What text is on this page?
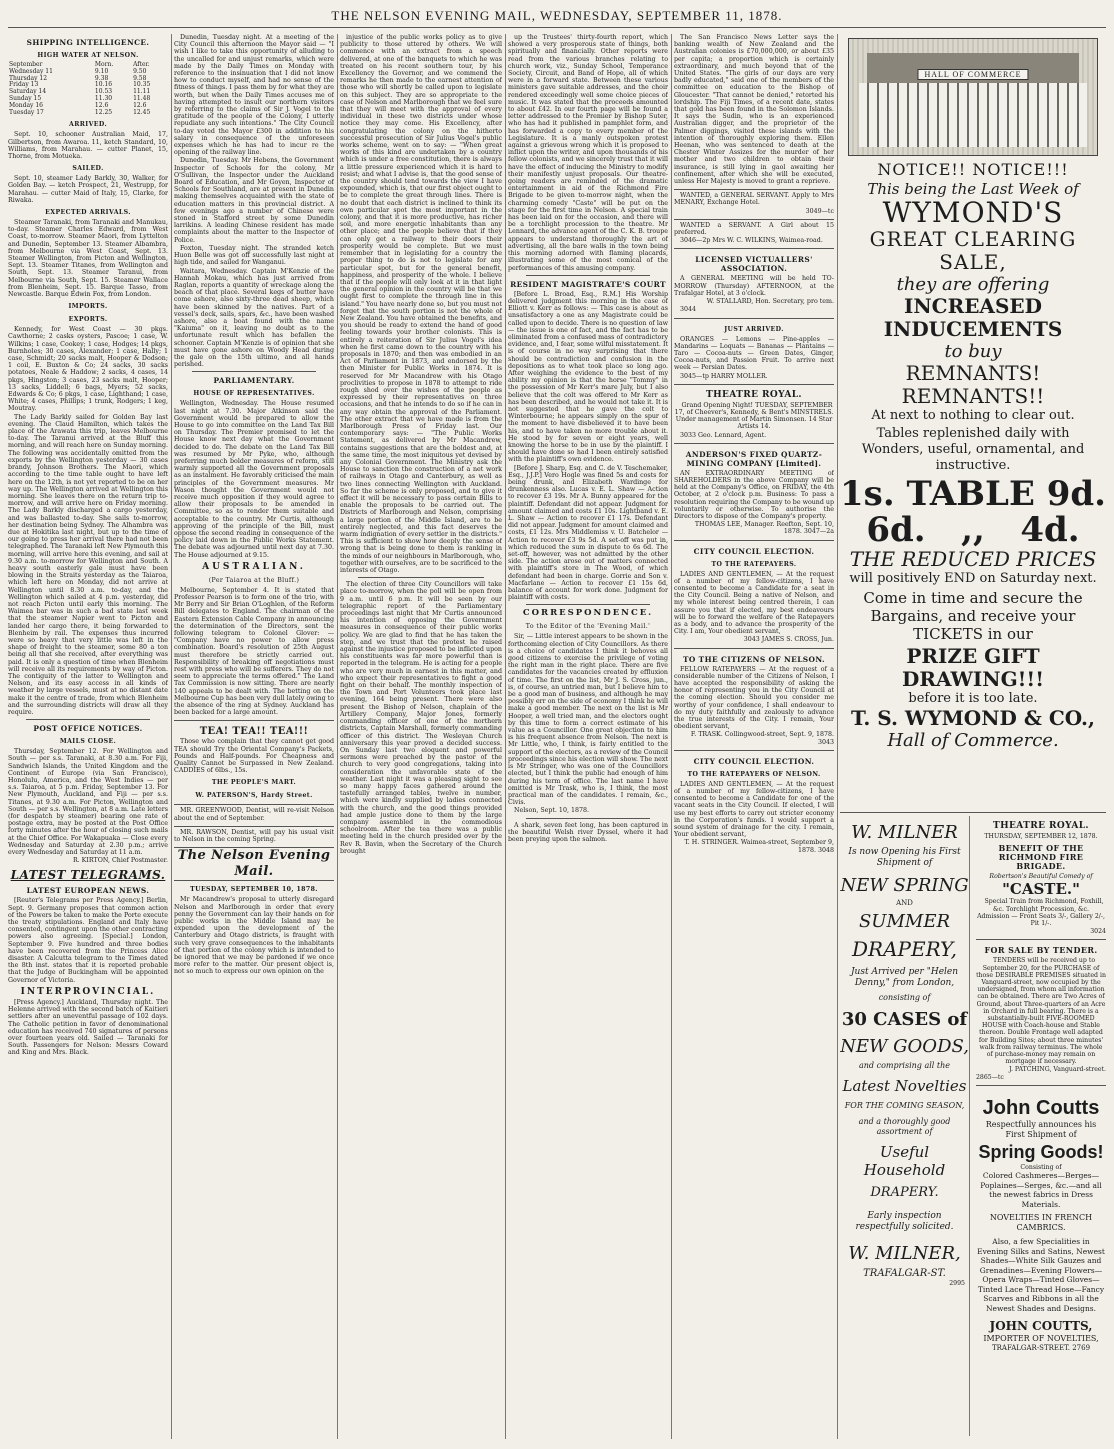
THE NELSON EVENING MAIL, WEDNESDAY, SEPTEMBER 11, 1878.
SHIPPING INTELLIGENCE.
HIGH WATER AT NELSON.
September	Morn.	After.
Wednesday 11	9.10	9.50
Thursday 12	9.38	9.58
Friday 13	10.16	10.35
Saturday 14	10.53	11.11
Sunday 15	11.30	11.48
Monday 16	12.6	12.6
Tuesday 17	12.25	12.45
ARRIVED.
Sept. 10, schooner Australian Maid, 17, Gilbertson, from Awaroa. 11, ketch Standard, 10, Williams, from Marahau. — cutter Planet, 15, Thorne, from Motueka.
SAILED.
Sept. 10, steamer Lady Barkly, 30, Walker, for Golden Bay. — ketch Prospect, 21, Westrupp, for Marahau. — cutter Maid of Italy, 15, Clarke, for Riwaka.
EXPECTED ARRIVALS.
Steamer Taranaki, from Taranaki and Manukau, to-day. Steamer Charles Edward, from West Coast, to-morrow. Steamer Maori, from Lyttelton and Dunedin, September 13. Steamer Albambra, from Melbourne via West Coast, Sept. 13. Steamer Wellington, from Picton and Wellington, Sept. 13. Steamer Titanes, from Wellington and South, Sept. 13. Steamer Taranui, from Melbourne via South, Sept. 15. Steamer Wallace from Blenheim, Sept. 15. Barque Tasso, from Newcastle. Barque Edwin Fox, from London.
IMPORTS.
EXPORTS.
Kennedy, for West Coast — 30 pkgs. Cawthorne; 2 casks oysters, Pascoe; 1 case, W. Wilkins; 1 case, Cookey; 1 case, Hodges; 14 pkgs, Burnholes; 30 cases, Alexander; 1 case, Hally; 1 case, Schmidt; 20 sacks malt, Hooper & Dodson; 1 coil, E. Buxton & Co; 24 sacks, 30 sacks potatoes, Neale & Haddow; 2 sacks, 4 cases, 14 pkgs, Hingston; 3 cases, 23 sacks malt, Hooper; 13 sacks, Liddell; 6 bags, Myers; 52 sacks, Edwards & Co; 6 pkgs, 1 case, Lighthand; 1 case, White; 4 cases, Phillips; 1 trunk, Rodgers; 1 keg, Moutray.
The Lady Barkly sailed for Golden Bay last evening. The Claud Hamilton, which takes the place of the Arawata this trip, leaves Melbourne to-day. The Taranui arrived at the Bluff this morning, and will reach here on Sunday morning. The following was accidentally omitted from the exports by the Wellington yesterday — 30 cases brandy, Johnson Brothers. The Maori, which according to the time table ought to have left here on the 12th, is not yet reported to be on her way up. The Wellington arrived at Wellington this morning. She leaves there on the return trip to-morrow, and will arrive here on Friday morning. The Lady Barkly discharged a cargo yesterday, and was ballasted to-day. She sails to-morrow, her destination being Sydney. The Alhambra was due at Hokitika last night, but up to the time of our going to press her arrival there had not been telegraphed. The Taranaki left New Plymouth this morning, will arrive here this evening, and sail at 9.30 a.m. to-morrow for Wellington and South. A heavy south easterly gale must have been blowing in the Straits yesterday as the Taiaroa, which left here on Monday, did not arrive at Wellington until 8.30 a.m. to-day, and the Wellington which sailed at 4 p.m. yesterday, did not reach Picton until early this morning. The Waimea bar was in such a bad state last week that the steamer Napier went to Picton and landed her cargo there, it being forwarded to Blenheim by rail. The expenses thus incurred were so heavy that very little was left in the shape of freight to the steamer, some 80 a ton being all that she received, after everything was paid. It is only a question of time when Blenheim will receive all its requirements by way of Picton. The contiguity of the latter to Wellington and Nelson, and its easy access in all kinds of weather by large vessels, must at no distant date make it the centre of trade, from which Blenheim and the surrounding districts will draw all they require.
POST OFFICE NOTICES.
MAILS CLOSE.
Thursday, September 12. For Wellington and South — per s.s. Taranaki, at 8.30 a.m. For Fiji, Sandwich Islands, the United Kingdom and the Continent of Europe (via San Francisco), Honolulu, America, and the West Indies — per s.s. Taiaroa, at 5 p.m. Friday, September 13. For New Plymouth, Auckland, and Fiji — per s.s. Titanes, at 9.30 a.m. For Picton, Wellington and South — per s.s. Wellington, at 8 a.m. Late letters (for despatch by steamer) bearing one rate of postage extra, may be posted at the Post Office forty minutes after the hour of closing such mails at the Chief Office. For Wakapuaka — Close every Wednesday and Saturday at 2.30 p.m.; arrive every Wednesday and Saturday at 11 a.m.
R. KIRTON, Chief Postmaster.
LATEST TELEGRAMS.
LATEST EUROPEAN NEWS.
[Reuter's Telegrams per Press Agency.] Berlin, Sept. 9. Germany proposes that common action of the Powers be taken to make the Porte execute the treaty stipulations. England and Italy have consented, contingent upon the other contracting powers also agreeing. [Special.] London, September 9. Five hundred and three bodies have been recovered from the Princess Alice disaster. A Calcutta telegram to the Times dated the 8th inst. states that it is reported probable that the Judge of Buckingham will be appointed Governor of Victoria.
INTERPROVINCIAL.
[Press Agency.] Auckland, Thursday night. The Helenne arrived with the second batch of Kaitieri settlers after an uneventful passage of 102 days. The Catholic petition in favor of denominational education has received 740 signatures of persons over fourteen years old. Sailed — Taranaki for South. Passengers for Nelson: Messrs Coward and King and Mrs. Black.
Dunedin, Tuesday night. At a meeting of the City Council this afternoon the Mayor said — "I wish I like to take this opportunity of alluding to the uncalled for and unjust remarks, which were made by the Daily Times on Monday with reference to the insinuation that I did not know how to conduct myself, and had no sense of the fitness of things. I pass them by for what they are worth, but when the Daily Times accuses me of having attempted to insult our northern visitors by referring to the claims of Sir J. Vogel to the gratitude of the people of the Colony, I utterly repudiate any such intentions." The City Council to-day voted the Mayor £300 in addition to his salary in consequence of the unforeseen expenses which he has had to incur re the opening of the railway line.
Dunedin, Tuesday. Mr Hebens, the Government Inspector of Schools for the colony, Mr O'Sullivan, the Inspector under the Auckland Board of Education, and Mr Goyen, Inspector of Schools for Southland, are at present in Dunedin making themselves acquainted with the state of education matters in this provincial district. A few evenings ago a number of Chinese were stoned in Stafford street by some Dunedin larrikins. A leading Chinese resident has made complaints about the matter to the Inspector of Police.
Foxton, Tuesday night. The stranded ketch Huon Belle was got off successfully last night at high tide, and sailed for Wanganui.
Waitara, Wednesday. Captain M'Kenzie of the Hannah Mokau, which has just arrived from Raglan, reports a quantity of wreckage along the beach of that place. Several kegs of butter have come ashore, also sixty-three dead sheep, which have been skinned by the natives. Part of a vessel's deck, sails, spars, &c., have been washed ashore, also a boat found with the name "Kaiuma" on it, leaving no doubt as to the unfortunate result which has befallen the schooner. Captain M'Kenzie is of opinion that she must have gone ashore on Woody Head during the gale on the 15th ultimo, and all hands perished.
PARLIAMENTARY.
HOUSE OF REPRESENTATIVES.
Wellington, Wednesday. The House resumed last night at 7.30. Major Atkinson said the Government would be prepared to allow the House to go into committee on the Land Tax Bill on Thursday. The Premier promised to let the House know next day what the Government decided to do. The debate on the Land Tax Bill was resumed by Mr Pyke, who, although preferring much bolder measures of reform, still warmly supported all the Government proposals as an instalment. He favorably criticised the main principles of the Government measures. Mr Wason thought the Government would not receive much opposition if they would agree to allow their proposals to be amended in Committee, so as to render them suitable and acceptable to the country. Mr Curtis, although approving of the principle of the Bill, must oppose the second reading in consequence of the policy laid down in the Public Works Statement. The debate was adjourned until next day at 7.30. The House adjourned at 9.15.
AUSTRALIAN.
(Per Taiaroa at the Bluff.)
Melbourne, September 4. It is stated that Professor Pearson is to form one of the trio, with Mr Berry and Sir Brian O'Loghlen, of the Reform Bill delegates to England. The chairman of the Eastern Extension Cable Company in announcing the determination of the Directors, sent the following telegram to Colonel Glover: — "Company have no power to allow press combination. Board's resolution of 25th August must therefore be strictly carried out. Responsibility of breaking off negotiations must rest with press who will be sufferers. They do not seem to appreciate the terms offered." The Land Tax Commission is now sitting. There are nearly 140 appeals to be dealt with. The betting on the Melbourne Cup has been very dull lately owing to the absence of the ring at Sydney. Auckland has been backed for a large amount.
TEA! TEA!! TEA!!!
Those who complain that they cannot get good TEA should Try the Oriental Company's Packets, Pounds and Half-pounds. For Cheapness and Quality Cannot be Surpassed in New Zealand. CADDIES of 6lbs., 15s.
THE PEOPLE'S MART.
W. PATERSON'S, Hardy Street.
MR. GREENWOOD, Dentist, will re-visit Nelson about the end of September.
MR. RAWSON, Dentist, will pay his usual visit to Nelson in the coming Spring.
The Nelson Evening Mail.
TUESDAY, SEPTEMBER 10, 1878.
Mr Macandrew's proposal to utterly disregard Nelson and Marlborough in order that every penny the Government can lay their hands on for public works in the Middle Island may be expended upon the development of the Canterbury and Otago districts, is fraught with such very grave consequences to the inhabitants of that portion of the colony which is intended to be ignored that we may be pardoned if we once more refer to the matter. Our present object is, not so much to express our own opinion on the
injustice of the public works policy as to give publicity to those uttered by others. We will commence with an extract from a speech delivered, at one of the banquets to which he was treated on his recent southern tour, by his Excellency the Governor, and we commend the remarks he then made to the earnest attention of those who will shortly be called upon to legislate on this subject. They are so appropriate to the case of Nelson and Marlborough that we feel sure that they will meet with the approval of every individual in these two districts under whose notice they may come. His Excellency, after congratulating the colony on the hitherto successful prosecution of Sir Julius Vogel's public works scheme, went on to say: — "When great works of this kind are undertaken by a country which is under a free constitution, there is always a little pressure experienced which it is hard to resist; and what I advise is, that the good sense of the country should tend towards the view I have expounded, which is, that our first object ought to be to complete the great through lines. There is no doubt that each district is inclined to think its own particular spot the most important in the colony, and that it is more productive, has richer soil, and more energetic inhabitants than any other place; and the people believe that if they can only get a railway to their doors their prosperity would be complete. But we must remember that in legislating for a country the proper thing to do is not to legislate for any particular spot, but for the general benefit, happiness, and prosperity of the whole. I believe that if the people will only look at it in that light the general opinion in the country will be that we ought first to complete the through line in this island." You have nearly done so, but you must not forget that the south portion is not the whole of New Zealand. You have obtained the benefits, and you should be ready to extend the hand of good feeling towards your brother colonists. This is entirely a reiteration of Sir Julius Vogel's idea when he first came down to the country with his proposals in 1870; and then was embodied in an Act of Parliament in 1873, and endorsed by the then Minister for Public Works in 1874. It is reserved for Mr Macandrew with his Otago proclivities to propose in 1878 to attempt to ride rough shod over the wishes of the people as expressed by their representatives on three occasions, and that he intends to do so if he can in any way obtain the approval of the Parliament. The other extract that we have made is from the Marlborough Press of Friday last. Our contemporary says: — "The Public Works Statement, as delivered by Mr Macandrew, contains suggestions that are the boldest and, at the same time, the most iniquitous yet devised by any Colonial Government. The Ministry ask the House to sanction the construction of a net work of railways in Otago and Canterbury, as well as two lines connecting Wellington with Auckland. So far the scheme is only proposed, and to give it effect it will be necessary to pass certain Bills to enable the proposals to be carried out. The Districts of Marlborough and Nelson, comprising a large portion of the Middle Island, are to be entirely neglected, and this fact deserves the warm indignation of every settler in the districts." This is sufficient to show how deeply the sense of wrong that is being done to them is rankling in the minds of our neighbours in Marlborough, who, together with ourselves, are to be sacrificed to the interests of Otago.
The election of three City Councillors will take place to-morrow, when the poll will be open from 9 a.m. until 6 p.m. It will be seen by our telegraphic report of the Parliamentary proceedings last night that Mr Curtis announced his intention of opposing the Government measures in consequence of their public works policy. We are glad to find that he has taken the step, and we trust that the protest he raised against the injustice proposed to be inflicted upon his constituents was far more powerful than is reported in the telegram. He is acting for a people who are very much in earnest in this matter, and who expect their representatives to fight a good fight on their behalf. The monthly inspection of the Town and Port Volunteers took place last evening, 164 being present. There were also present the Bishop of Nelson, chaplain of the Artillery Company, Major Jones, formerly commanding officer of one of the northern districts, Captain Marshall, formerly commanding officer of this district. The Wesleyan Church anniversary this year proved a decided success. On Sunday last two eloquent and powerful sermons were preached by the pastor of the church to very good congregations, taking into consideration the unfavorable state of the weather. Last night it was a pleasing sight to see so many happy faces gathered around the tastefully arranged tables, twelve in number, which were kindly supplied by ladies connected with the church, and the good things provided had ample justice done to them by the large company assembled in the commodious schoolroom. After the tea there was a public meeting held in the church presided over by the Rev R. Bavin, when the Secretary of the Church brought
up the Trustees' thirty-fourth report, which showed a very prosperous state of things, both spiritually and financially. Other reports were read from the various branches relating to church work, viz., Sunday School, Temperance Society, Circuit, and Band of Hope, all of which were in a forward state. Between these various ministers gave suitable addresses, and the choir rendered exceedingly well some choice pieces of music. It was stated that the proceeds amounted to about £42. In our fourth page will be found a letter addressed to the Premier by Bishop Suter, who has had it published in pamphlet form, and has forwarded a copy to every member of the Legislature. It is a manly outspoken protest against a grievous wrong which it is proposed to inflict upon the writer, and upon thousands of his fellow colonists, and we sincerely trust that it will have the effect of inducing the Ministry to modify their manifestly unjust proposals. Our theatre-going readers are reminded of the dramatic entertainment in aid of the Richmond Fire Brigade to be given to-morrow night, when the charming comedy "Caste" will be put on the stage for the first time in Nelson. A special train has been laid on for the occasion, and there will be a torchlight procession to the theatre. Mr Lennard, the advance agent of the C. K. B. troupe appears to understand thoroughly the art of advertising, all the bare walls in the town being this morning adorned with flaming placards, illustrating some of the most comical of the performances of this amusing company.
RESIDENT MAGISTRATE'S COURT
[Before L. Broad, Esq., R.M.] His Worship delivered judgment this morning in the case of Elliott v. Kerr as follows: — This case is about as unsatisfactory a one as any Magistrate could be called upon to decide. There is no question of law — the issue is one of fact, and the fact has to be eliminated from a confused mass of contradictory evidence, and, I fear, some wilful misstatement. It is of course in no way surprising that there should be contradiction and confusion in the depositions as to what took place so long ago. After weighing the evidence to the best of my ability my opinion is that the horse "Tommy" in the possession of Mr Kerr's mare July, but I also believe that the colt was offered to Mr Kerr as has been described, and he would not take it. It is not suggested that he gave the colt to Winterbourne; he appears simply on the spur of the moment to have disbelieved it to have been his, and to have taken no more trouble about it. He stood by for seven or eight years, well knowing the horse to be in use by the plaintiff. I should have done so had I been entirely satisfied with the plaintiff's own evidence.
[Before J. Sharp, Esq. and C. de V. Teschemaker, Esq., J.J.P.] Vero Hogle was fined 5s and costs for being drunk, and Elizabeth Wardinge for drunkenness also. Lucas v. E. L. Shaw — Action to recover £3 19s. Mr A. Bunny appeared for the plaintiff. Defendant did not appear. Judgment for amount claimed and costs £1 10s. Lightband v. E. L. Shaw — Action to recover £1 17s. Defendant did not appear. Judgment for amount claimed and costs, £1 12s. Mrs Middlemiss v. U. Batchelor — Action to recover £3 9s 5d. A set-off was put in, which reduced the sum in dispute to 6s 6d. The set-off, however, was not admitted by the other side. The action arose out of matters connected with plaintiff's store in The Wood, of which defendant had been in charge. Gorrie and Son v. Macfarlane — Action to recover £1 15s 6d, balance of account for work done. Judgment for plaintiff with costs.
CORRESPONDENCE.
To the Editor of the 'Evening Mail.'
Sir, — Little interest appears to be shown in the forthcoming election of City Councillors. As there is a choice of candidates I think it behoves all good citizens to exercise the privilege of voting the right man in the right place. There are five candidates for the vacancies created by effluxion of time. The first on the list, Mr J. S. Cross, jun., is, of course, an untried man, but I believe him to be a good man of business, and although he may possibly err on the side of economy I think he will make a good member. The next on the list is Mr Hooper, a well tried man, and the electors ought by this time to form a correct estimate of his value as a Councillor. One great objection to him is his frequent absence from Nelson. The next is Mr Little, who, I think, is fairly entitled to the support of the electors, as a review of the Council proceedings since his election will show. The next is Mr Stringer, who was one of the Councillors elected, but I think the public had enough of him during his term of office. The last name I have omitted is Mr Trask, who is, I think, the most practical man of the candidates. I remain, &c., Civis.
Nelson, Sept. 10, 1878.
A shark, seven feet long, has been captured in the beautiful Welsh river Dyssel, where it had been preying upon the salmon.
The San Francisco News Letter says the banking wealth of New Zealand and the Australian colonies is £70,000,000, or about £35 per capita; a proportion which is certainly extraordinary, and much beyond that of the United States. "The girls of our days are very badly educated," said one of the members of the committee on education to the Bishop of Gloucester. "That cannot be denied," retorted his lordship. The Fiji Times, of a recent date, states that gold has been found in the Solomon Islands. It says the Sudin, who is an experienced Australian digger, and the proprietor of the Palmer diggings, visited these islands with the intention of thoroughly exploring them. Ellen Heenan, who was sentenced to death at the Chester Winter Assizes for the murder of her mother and two children to obtain their insurance, is still lying in gaol awaiting her confinement, after which she will be executed, unless Her Majesty is moved to grant a reprieve.
WANTED, a GENERAL SERVANT. Apply to Mrs MENARY, Exchange Hotel.
3049—tc
WANTED a SERVANT. A Girl about 15 preferred.
3046—2p Mrs W. C. WILKINS, Waimea-road.
LICENSED VICTUALLERS' ASSOCIATION.
A GENERAL MEETING will be held TO-MORROW (Thursday) AFTERNOON, at the Trafalgar Hotel, at 3 o'clock.
W. STALLARD, Hon. Secretary, pro tem.
3044
JUST ARRIVED.
ORANGES — Lemons — Pine-apples — Mandarins — Loquats — Bananas — Plantains — Taro — Cocoa-nuts — Green Dates, Ginger, Cocoa-nuts, and Passion Fruit. To arrive next week — Persian Dates.
3045—tp HARRY MOLLER.
THEATRE ROYAL.
Grand Opening Night! TUESDAY, SEPTEMBER 17, of Cheever's, Kennedy, & Bent's MINSTRELS. Under management of Martin Simonsen. 14 Star Artists 14.
3033 Geo. Lennard, Agent.
ANDERSON'S FIXED QUARTZ-MINING COMPANY [Limited].
AN EXTRAORDINARY MEETING of SHAREHOLDERS in the above Company will be held at the Company's Office, on FRIDAY, the 4th October, at 2 o'clock p.m. Business: To pass a resolution requiring the Company to be wound up voluntarily or otherwise. To authorise the Directors to dispose of the Company's property.
THOMAS LEE, Manager. Reefton, Sept. 10, 1878. 3047—2a
CITY COUNCIL ELECTION.
TO THE RATEPAYERS.
LADIES AND GENTLEMEN, — At the request of a number of my fellow-citizens, I have consented to become a Candidate for a seat in the City Council. Being a native of Nelson, and my whole interest being centred therein, I can assure you that if elected, my best endeavours will be to forward the welfare of the Ratepayers as a body, and to advance the prosperity of the City. I am, Your obedient servant,
3043 JAMES S. CROSS, Jun.
TO THE CITIZENS OF NELSON.
FELLOW RATEPAYERS — At the request of a considerable number of the Citizens of Nelson, I have accepted the responsibility of asking the honor of representing you in the City Council at the coming election. Should you consider me worthy of your confidence, I shall endeavour to do my duty faithfully and zealously to advance the true interests of the City. I remain, Your obedient servant,
F. TRASK. Collingwood-street, Sept. 9, 1878. 3043
CITY COUNCIL ELECTION.
TO THE RATEPAYERS OF NELSON.
LADIES AND GENTLEMEN, — At the request of a number of my fellow-citizens, I have consented to become a Candidate for one of the vacant seats in the City Council. If elected, I will use my best efforts to carry out stricter economy in the Corporation's funds. I would support a sound system of drainage for the city. I remain, Your obedient servant,
T. H. STRINGER. Waimea-street, September 9, 1878. 3048
HALL OF COMMERCE
NOTICE!! NOTICE!!!
This being the Last Week of
WYMOND'S
GREAT CLEARING SALE,
they are offering
INCREASED INDUCEMENTS
to buy
REMNANTS! REMNANTS!!
At next to nothing to clear out.
Tables replenished daily with Wonders, useful, ornamental, and instructive.
1s. TABLE 9d.
6d.   ,,   4d.
THE REDUCED PRICES
will positively END on Saturday next.
Come in time and secure the Bargains, and receive your TICKETS in our
PRIZE GIFT DRAWING!!!
before it is too late.
T. S. WYMOND & CO.,
Hall of Commerce.
W. MILNER
Is now Opening his First Shipment of
NEW SPRING
AND
SUMMER
DRAPERY,
Just Arrived per "Helen Denny," from London,
consisting of
30 CASES of
NEW GOODS,
and comprising all the
Latest Novelties
FOR THE COMING SEASON,
and a thoroughly good assortment of
Useful Household
DRAPERY.
Early inspection respectfully solicited.
W. MILNER,
TRAFALGAR-ST.
2995
THEATRE ROYAL.
THURSDAY, SEPTEMBER 12, 1878.
BENEFIT OF THE RICHMOND FIRE BRIGADE.
Robertson's Beautiful Comedy of
"CASTE."
Special Train from Richmond, Foxhill, &c. Torchlight Procession, &c. Admission — Front Seats 3/-, Gallery 2/-, Pit 1/-.
3024
FOR SALE BY TENDER.
TENDERS will be received up to September 20, for the PURCHASE of those DESIRABLE PREMISES situated in Vanguard-street, now occupied by the undersigned, from whom all information can be obtained. There are Two Acres of Ground, about Three-quarters of an Acre in Orchard in full bearing. There is a substantially-built FIVE-ROOMED HOUSE with Coach-house and Stable thereon. Double Frontage well adapted for Building Sites; about three minutes' walk from railway terminus. The whole of purchase-money may remain on mortgage if necessary.
J. PATCHING, Vanguard-street.
2865—tc
John Coutts
Respectfully announces his First Shipment of
Spring Goods!
Consisting of
Colored Cashmeres—Berges—Poplaines—Serges, &c.—and all the newest fabrics in Dress Materials.
NOVELTIES IN FRENCH CAMBRICS.
Also, a few Specialities in Evening Silks and Satins, Newest Shades—White Silk Gauzes and Grenadines—Evening Flowers—Opera Wraps—Tinted Gloves—Tinted Lace Thread Hose—Fancy Scarves and Ribbons in all the Newest Shades and Designs.
JOHN COUTTS,
IMPORTER OF NOVELTIES,
TRAFALGAR-STREET. 2769
